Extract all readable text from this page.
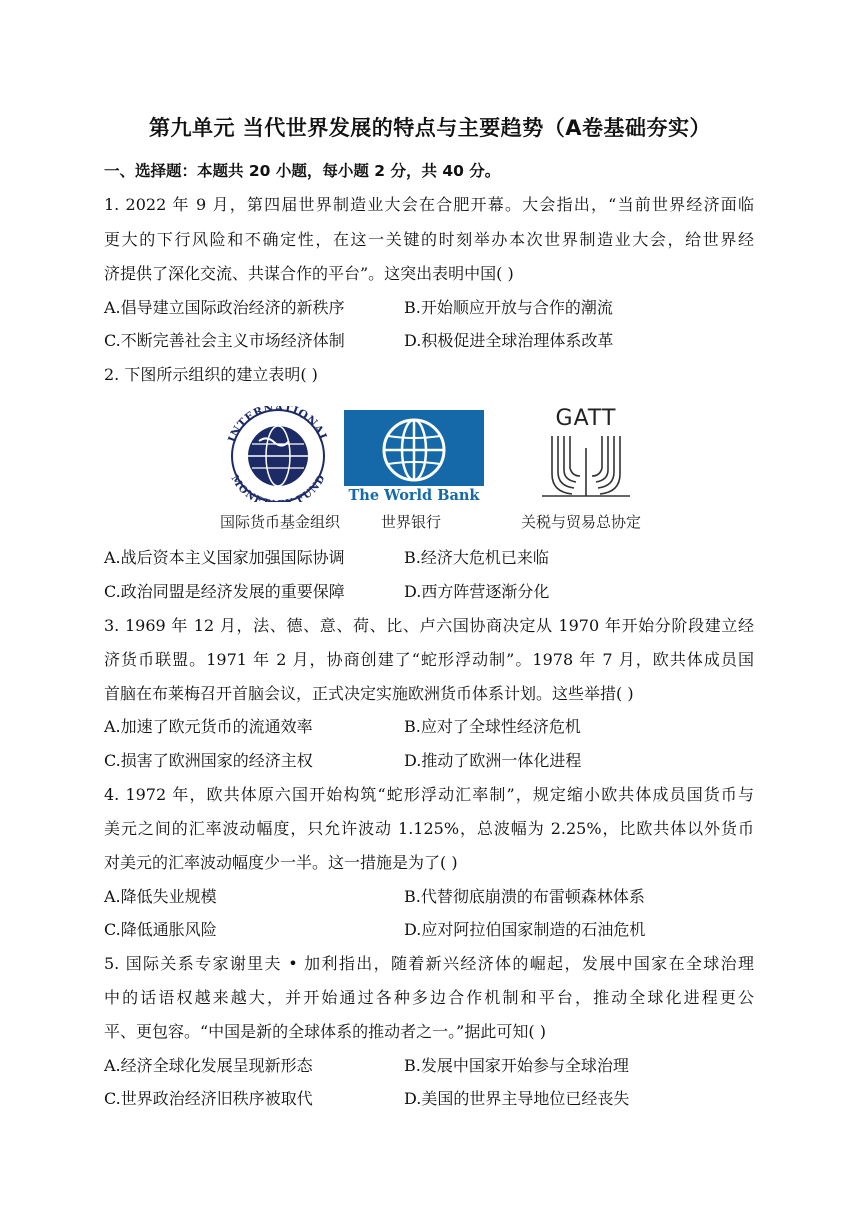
第九单元 当代世界发展的特点与主要趋势（A卷基础夯实）
一、选择题：本题共 20 小题，每小题 2 分，共 40 分。
1. 2022 年 9 月，第四届世界制造业大会在合肥开幕。大会指出，“当前世界经济面临
更大的下行风险和不确定性，在这一关键的时刻举办本次世界制造业大会，给世界经
济提供了深化交流、共谋合作的平台”。这突出表明中国( )
A.倡导建立国际政治经济的新秩序	B.开始顺应开放与合作的潮流
C.不断完善社会主义市场经济体制	D.积极促进全球治理体系改革
2. 下图所示组织的建立表明( )
INTERNATIONAL
MONE FUND
The World Bank
GATT
国际货币基金组织	世界银行	关税与贸易总协定
A.战后资本主义国家加强国际协调	B.经济大危机已来临
C.政治同盟是经济发展的重要保障	D.西方阵营逐渐分化
3. 1969 年 12 月，法、德、意、荷、比、卢六国协商决定从 1970 年开始分阶段建立经
济货币联盟。1971 年 2 月，协商创建了“蛇形浮动制”。1978 年 7 月，欧共体成员国
首脑在布莱梅召开首脑会议，正式决定实施欧洲货币体系计划。这些举措( )
A.加速了欧元货币的流通效率	B.应对了全球性经济危机
C.损害了欧洲国家的经济主权	D.推动了欧洲一体化进程
4. 1972 年，欧共体原六国开始构筑“蛇形浮动汇率制”，规定缩小欧共体成员国货币与
美元之间的汇率波动幅度，只允许波动 1.125%，总波幅为 2.25%，比欧共体以外货币
对美元的汇率波动幅度少一半。这一措施是为了( )
A.降低失业规模	B.代替彻底崩溃的布雷顿森林体系
C.降低通胀风险	D.应对阿拉伯国家制造的石油危机
5. 国际关系专家谢里夫 • 加利指出，随着新兴经济体的崛起，发展中国家在全球治理
中的话语权越来越大，并开始通过各种多边合作机制和平台，推动全球化进程更公
平、更包容。“中国是新的全球体系的推动者之一。”据此可知( )
A.经济全球化发展呈现新形态	B.发展中国家开始参与全球治理
C.世界政治经济旧秩序被取代	D.美国的世界主导地位已经丧失
